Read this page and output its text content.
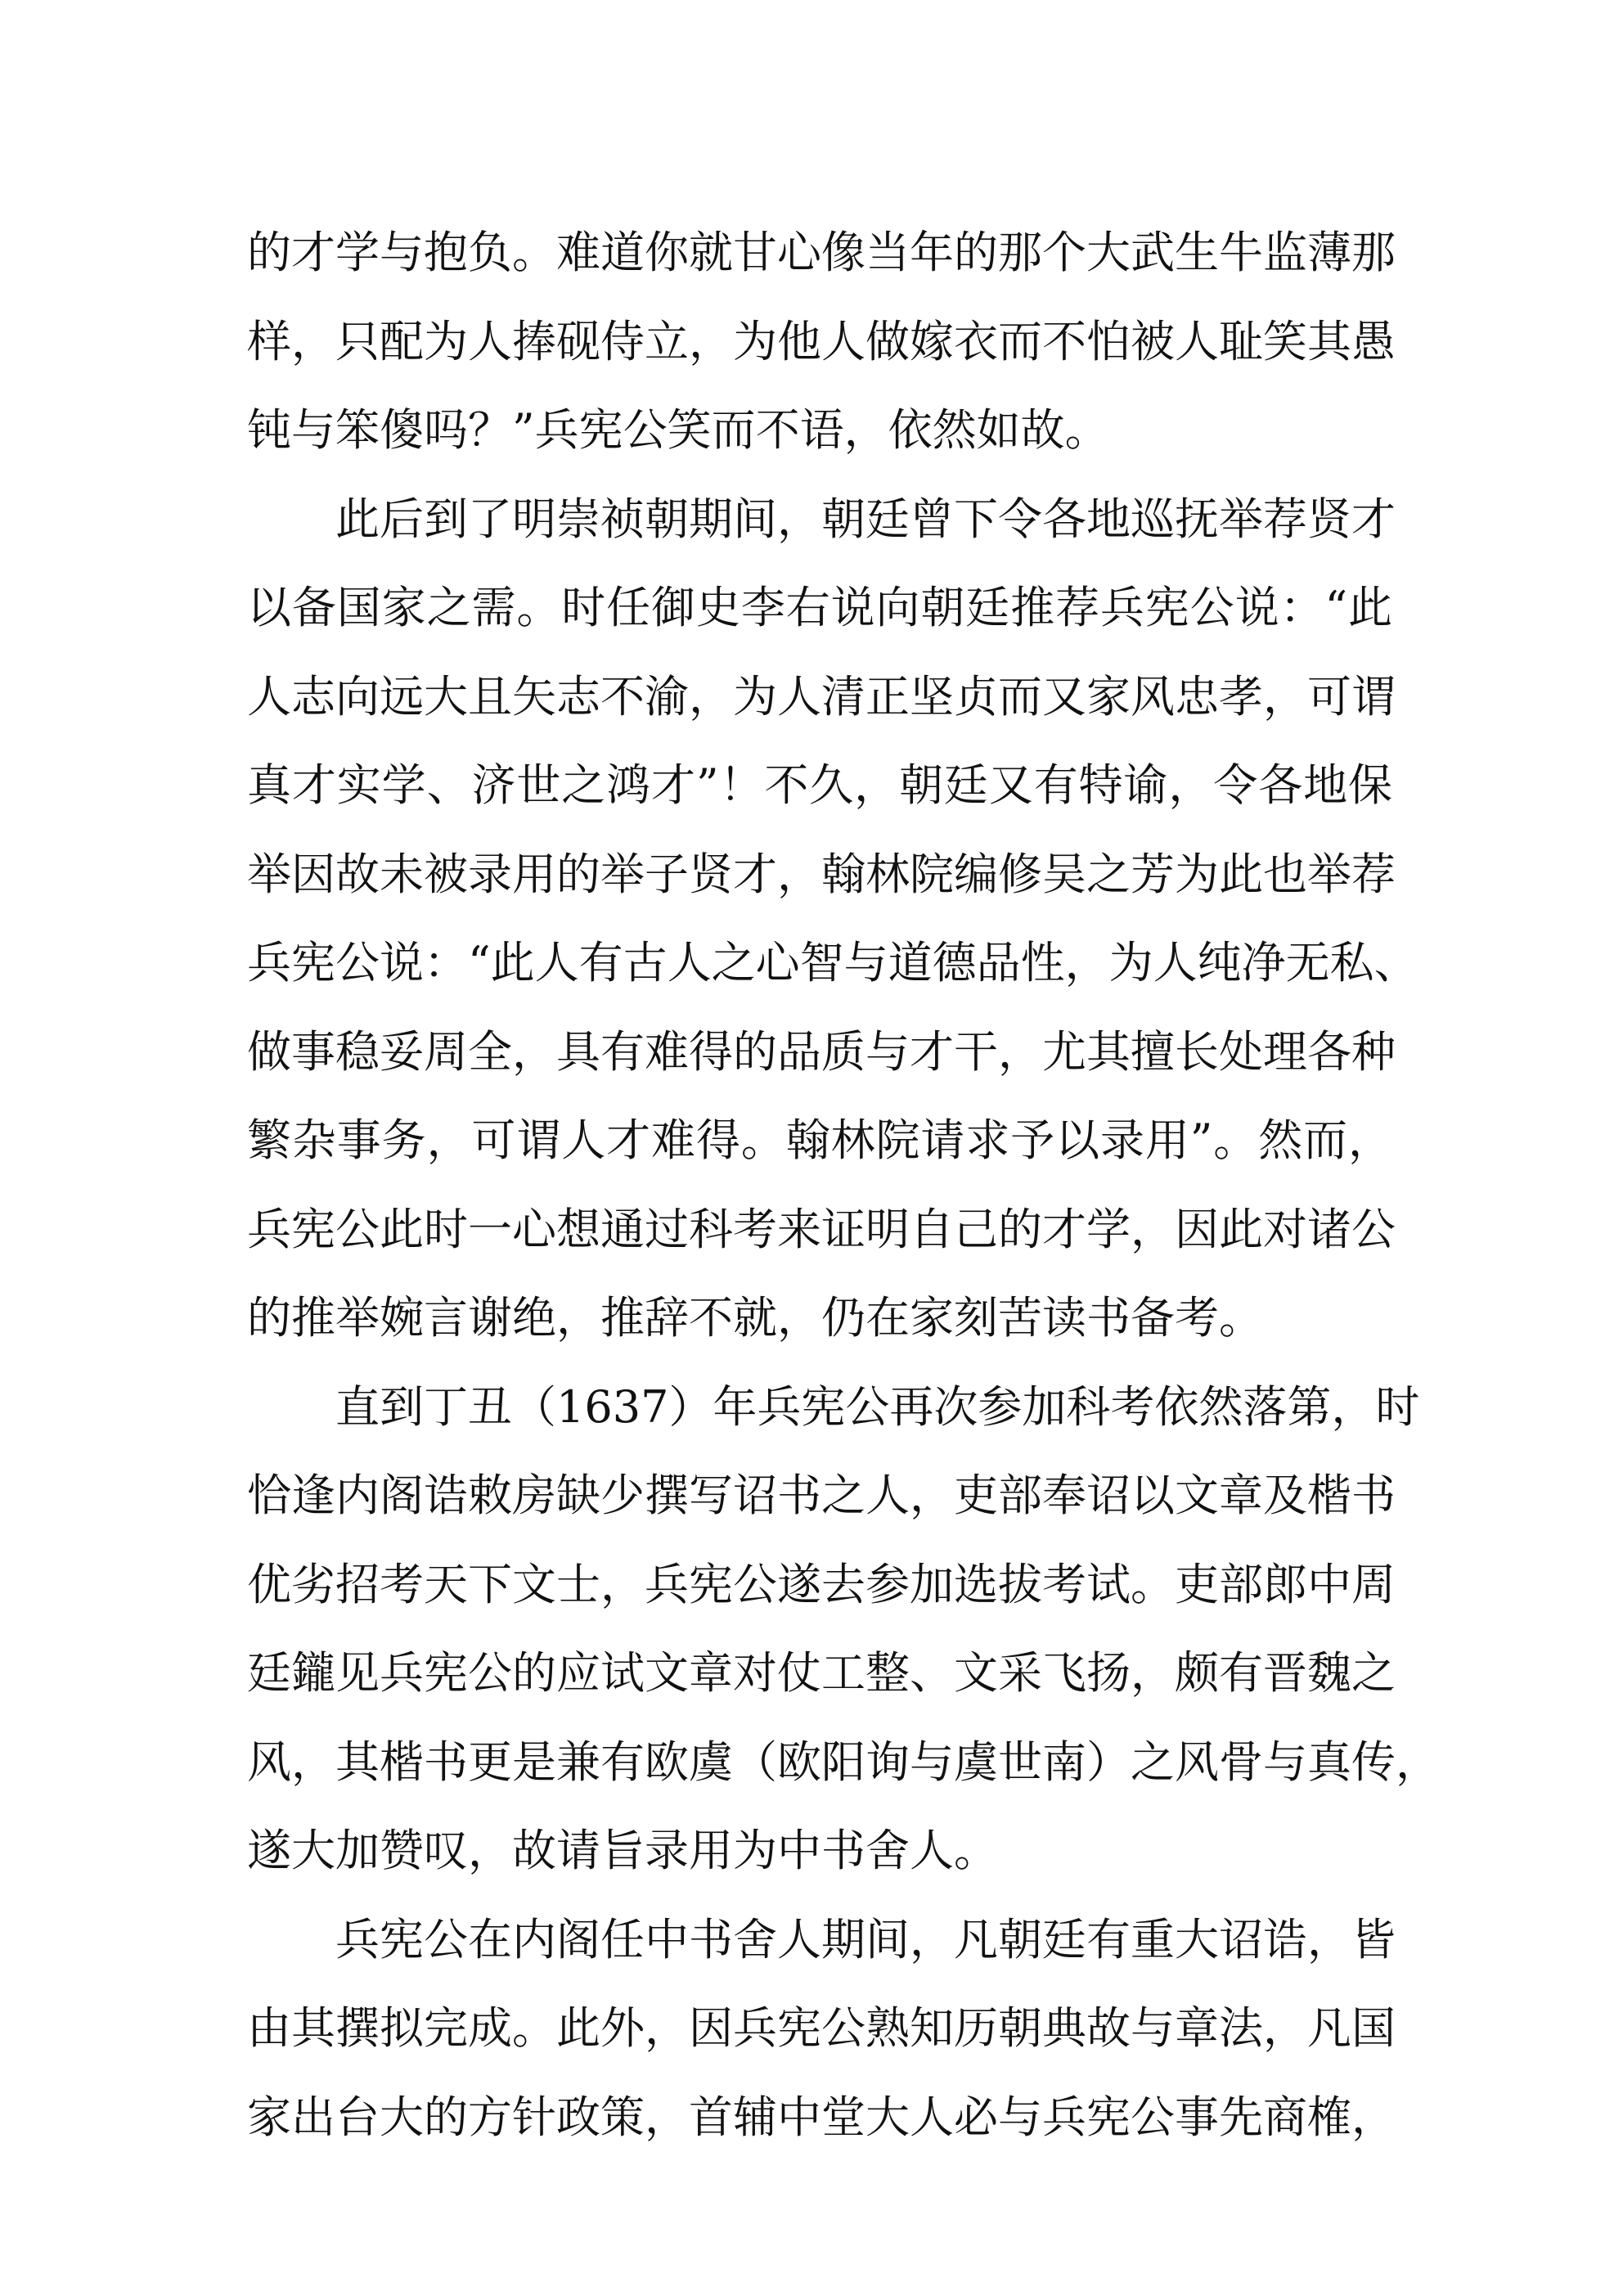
的才学与抱负。难道你就甘心像当年的那个大武生牛监薄那
样，只配为人捧砚侍立，为他人做嫁衣而不怕被人耻笑其愚
钝与笨傻吗？”兵宪公笑而不语，依然如故。
此后到了明崇祯朝期间，朝廷曾下令各地巡抚举荐贤才
以备国家之需。时任御史李右说向朝廷推荐兵宪公说：“此
人志向远大且矢志不渝，为人清正坚贞而又家风忠孝，可谓
真才实学、济世之鸿才”！不久，朝廷又有特谕，令各地保
举因故未被录用的举子贤才，翰林院编修吴之芳为此也举荐
兵宪公说：“此人有古人之心智与道德品性，为人纯净无私、
做事稳妥周全，具有难得的品质与才干，尤其擅长处理各种
繁杂事务，可谓人才难得。翰林院请求予以录用”。然而，
兵宪公此时一心想通过科考来证明自己的才学，因此对诸公
的推举婉言谢绝，推辞不就，仍在家刻苦读书备考。
直到丁丑（1637）年兵宪公再次参加科考依然落第，时
恰逢内阁诰敕房缺少撰写诏书之人，吏部奉诏以文章及楷书
优劣招考天下文士，兵宪公遂去参加选拔考试。吏部郎中周
廷鑨见兵宪公的应试文章对仗工整、文采飞扬，颇有晋魏之
风，其楷书更是兼有欧虞（欧阳询与虞世南）之风骨与真传，
遂大加赞叹，故请旨录用为中书舍人。
兵宪公在内阁任中书舍人期间，凡朝廷有重大诏诰，皆
由其撰拟完成。此外，因兵宪公熟知历朝典故与章法，凡国
家出台大的方针政策，首辅中堂大人必与兵宪公事先商榷，
